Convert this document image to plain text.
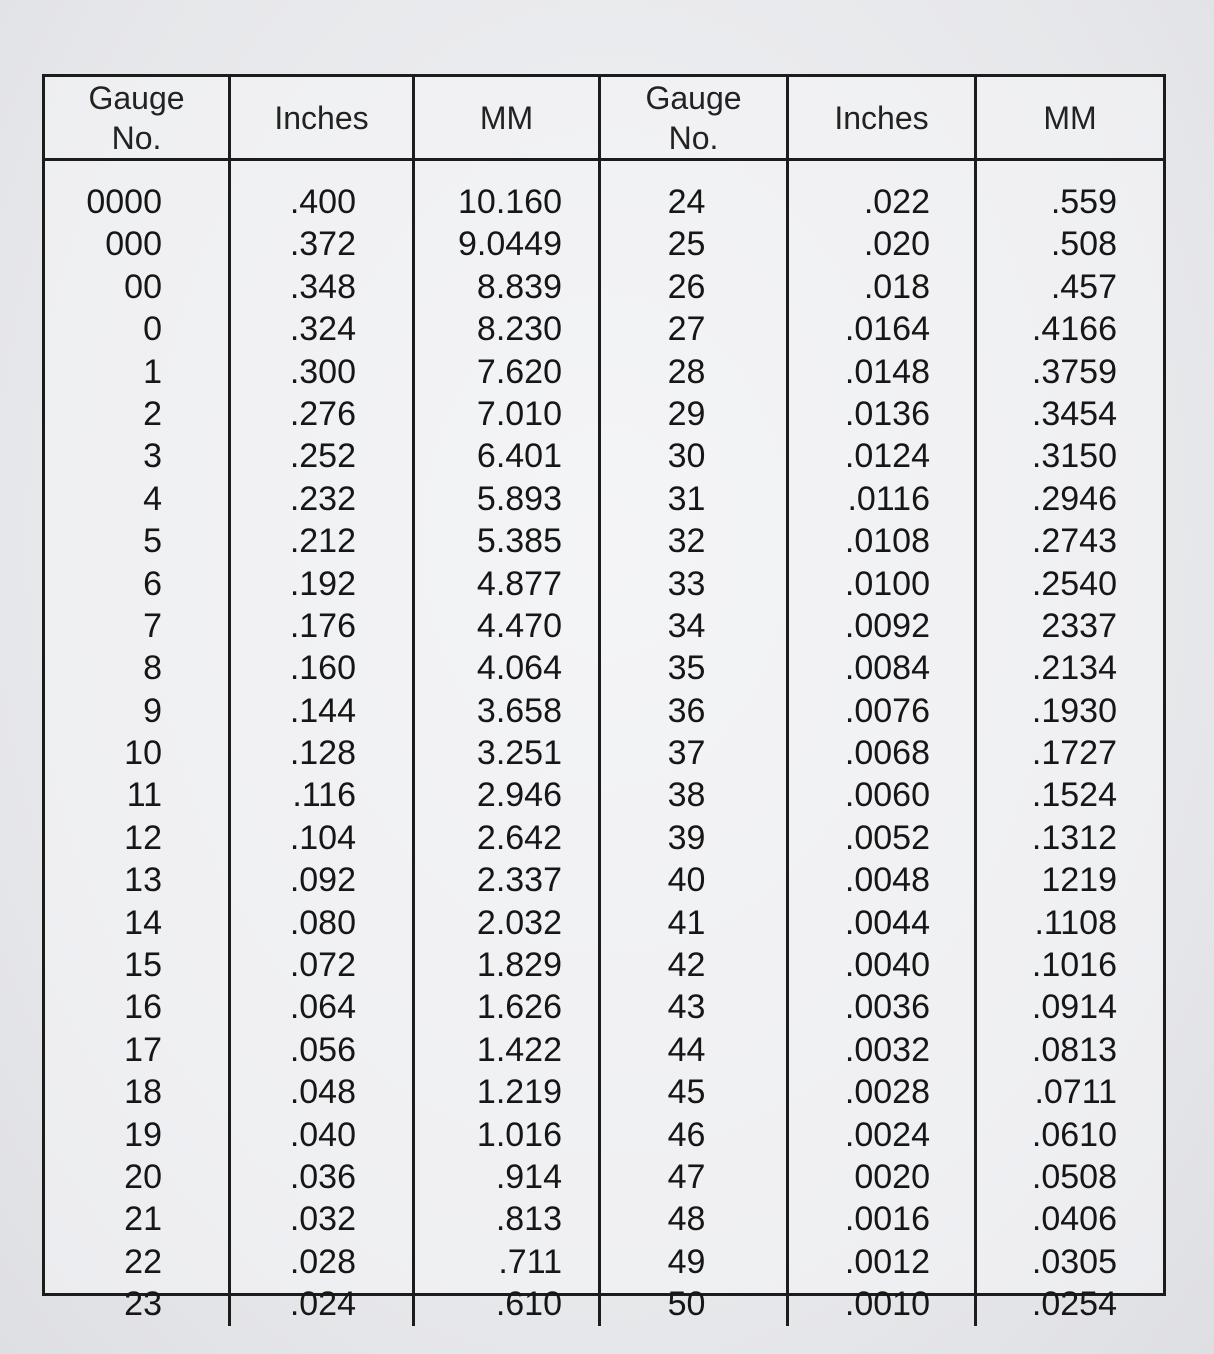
Gauge
No.
Inches	MM
Gauge
No.
Inches	MM
0000
000
00
0
1
2
3
4
5
6
7
8
9
10
11
12
13
14
15
16
17
18
19
20
21
22
23
.400
.372
.348
.324
.300
.276
.252
.232
.212
.192
.176
.160
.144
.128
.116
.104
.092
.080
.072
.064
.056
.048
.040
.036
.032
.028
.024
10.160
9.0449
8.839
8.230
7.620
7.010
6.401
5.893
5.385
4.877
4.470
4.064
3.658
3.251
2.946
2.642
2.337
2.032
1.829
1.626
1.422
1.219
1.016
.914
.813
.711
.610
24
25
26
27
28
29
30
31
32
33
34
35
36
37
38
39
40
41
42
43
44
45
46
47
48
49
50
.022
.020
.018
.0164
.0148
.0136
.0124
.0116
.0108
.0100
.0092
.0084
.0076
.0068
.0060
.0052
.0048
.0044
.0040
.0036
.0032
.0028
.0024
0020
.0016
.0012
.0010
.559
.508
.457
.4166
.3759
.3454
.3150
.2946
.2743
.2540
2337
.2134
.1930
.1727
.1524
.1312
1219
.1108
.1016
.0914
.0813
.0711
.0610
.0508
.0406
.0305
.0254
